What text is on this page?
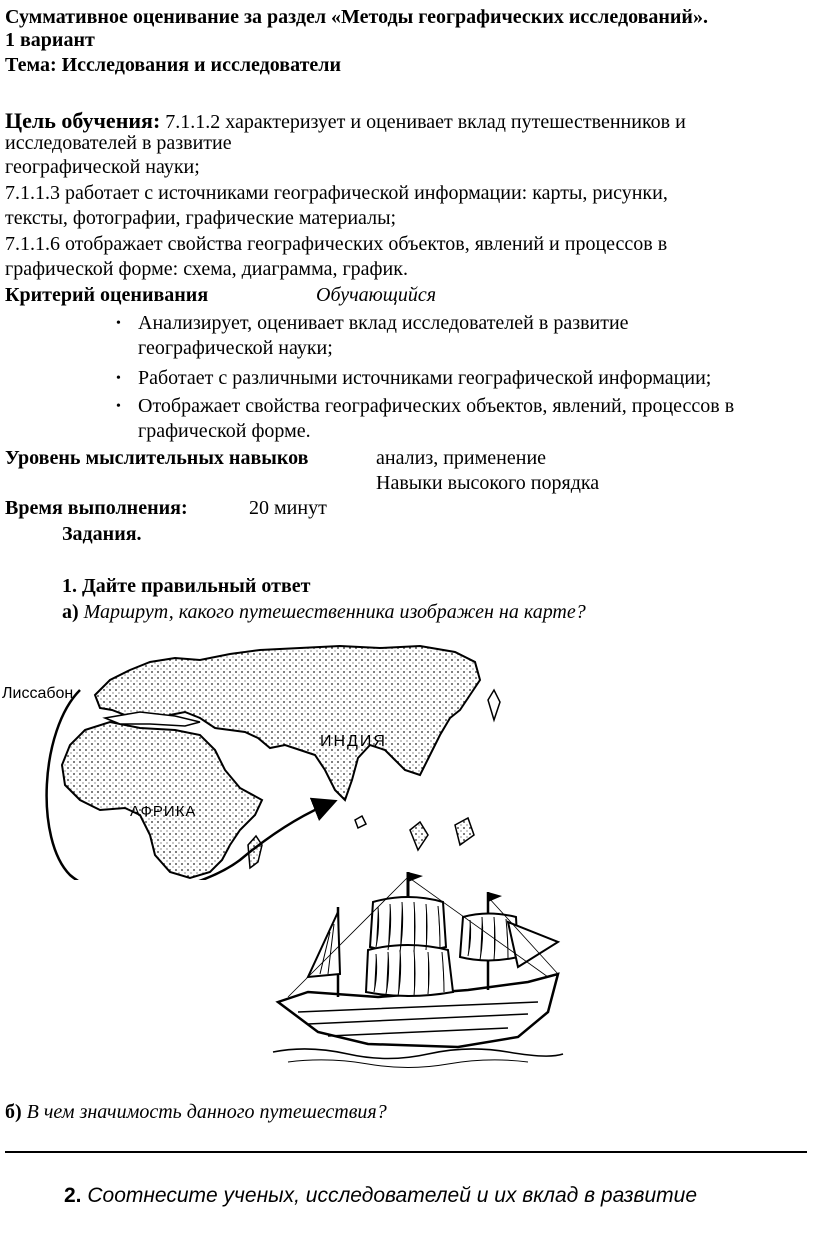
Суммативное оценивание за раздел «Методы географических исследований».
1 вариант
Тема: Исследования и исследователи
Цель обучения: 7.1.1.2 характеризует и оценивает вклад путешественников и
исследователей в развитие
географической науки;
7.1.1.3 работает с источниками географической информации: карты, рисунки,
тексты, фотографии, графические материалы;
7.1.1.6 отображает свойства географических объектов, явлений и процессов в
графической форме: схема, диаграмма, график.
Критерий оценивания	Обучающийся
• Анализирует, оценивает вклад исследователей в развитие
географической науки;
• Работает с различными источниками географической информации;
• Отображает свойства географических объектов, явлений, процессов в
графической форме.
Уровень мыслительных навыков	анализ, применение
Навыки высокого порядка
Время выполнения:	20 минут
Задания.
1. Дайте правильный ответ
а) Маршрут, какого путешественника изображен на карте?
Лиссабон
ИНДИЯ
АФРИКА
б) В чем значимость данного путешествия?
2. Соотнесите ученых, исследователей и их вклад в развитие
